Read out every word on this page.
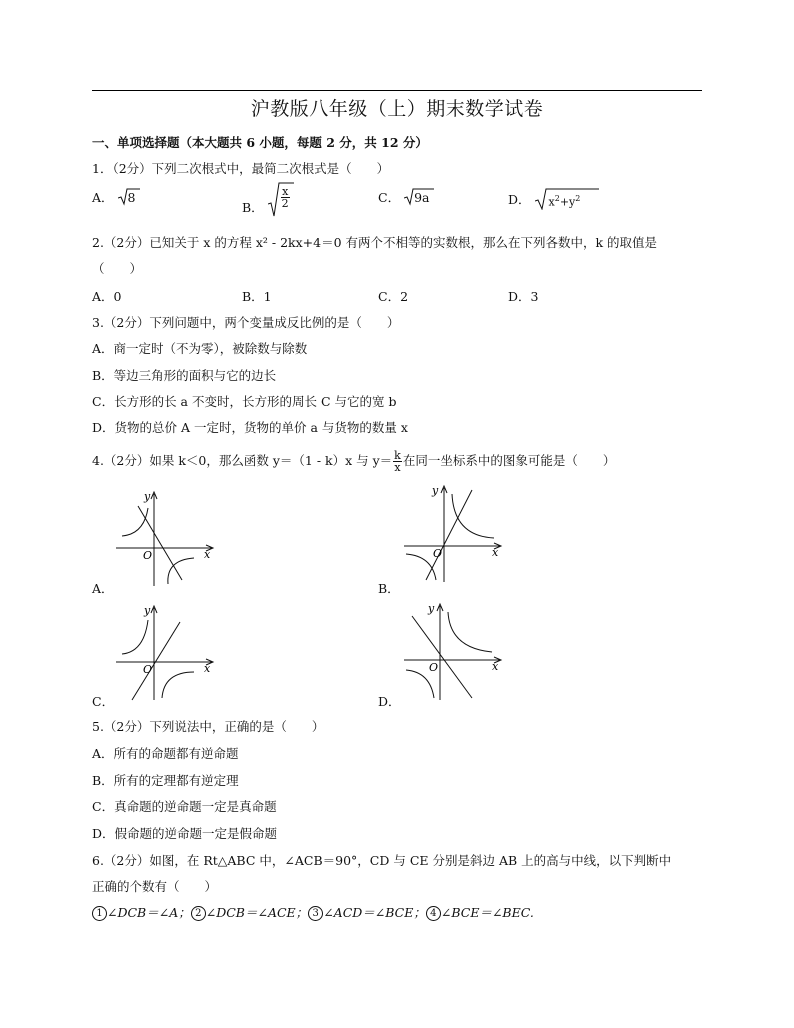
沪教版八年级（上）期末数学试卷
一、单项选择题（本大题共 6 小题，每题 2 分，共 12 分）
1．（2分）下列二次根式中，最简二次根式是（　　）
A． 8
B． $\frac{x}{2}$	C． 9a	D． $x^2+y^2$
2.（2分）已知关于 x 的方程 x² - 2kx+4＝0 有两个不相等的实数根，那么在下列各数中，k 的取值是
（　　）
A．0	B．1	C．2	D．3
3.（2分）下列问题中，两个变量成反比例的是（　　）
A．商一定时（不为零），被除数与除数
B．等边三角形的面积与它的边长
C．长方形的长 a 不变时，长方形的周长 C 与它的宽 b
D．货物的总价 A 一定时，货物的单价 a 与货物的数量 x
4.（2分）如果 k＜0，那么函数 y＝（1 - k）x 与 $y= \frac{k}{x}$ 在同一坐标系中的图象可能是（　　）
y
x
O
A．
y
x
O
B．
y
x
O
C．
y
x
O
D．
5.（2分）下列说法中，正确的是（　　）
A．所有的命题都有逆命题
B．所有的定理都有逆定理
C．真命题的逆命题一定是真命题
D．假命题的逆命题一定是假命题
6.（2分）如图，在 Rt△ABC 中，∠ACB＝90°，CD 与 CE 分别是斜边 AB 上的高与中线，以下判断中
正确的个数有（　　）
1 ∠DCB＝∠A； 2 ∠DCB＝∠ACE； 3 ∠ACD＝∠BCE； 4 ∠BCE＝∠BEC.
